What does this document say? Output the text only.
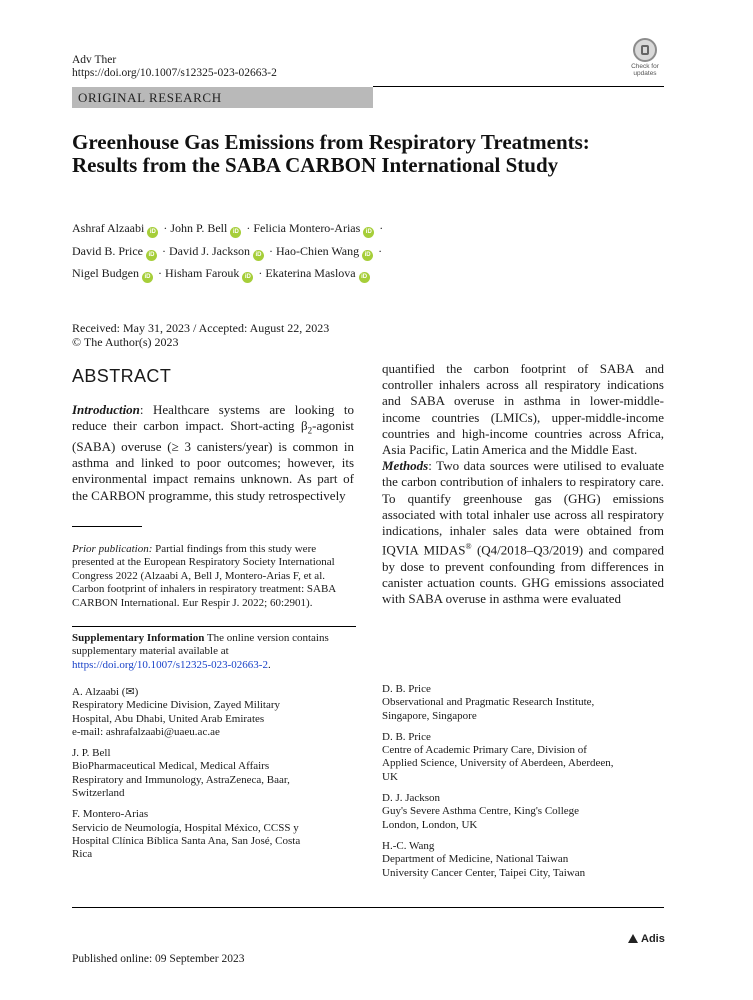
Adv Ther
https://doi.org/10.1007/s12325-023-02663-2
Check for
updates
ORIGINAL RESEARCH
Greenhouse Gas Emissions from Respiratory Treatments: Results from the SABA CARBON International Study
Ashraf Alzaabi iD · John P. Bell iD · Felicia Montero-Arias iD ·
David B. Price iD · David J. Jackson iD · Hao-Chien Wang iD ·
Nigel Budgen iD · Hisham Farouk iD · Ekaterina Maslova iD
Received: May 31, 2023 / Accepted: August 22, 2023
© The Author(s) 2023
ABSTRACT

Introduction: Healthcare systems are looking to reduce their carbon impact. Short-acting $\beta_2$-agonist (SABA) overuse (≥ 3 canisters/year) is common in asthma and linked to poor outcomes; however, its environmental impact remains unknown. As part of the CARBON programme, this study retrospectively

Prior publication: Partial findings from this study were presented at the European Respiratory Society International Congress 2022 (Alzaabi A, Bell J, Montero-Arias F, et al. Carbon footprint of inhalers in respiratory treatment: SABA CARBON International. Eur Respir J. 2022; 60:2901).
Supplementary Information The online version contains supplementary material available at https://doi.org/10.1007/s12325-023-02663-2.

quantified the carbon footprint of SABA and controller inhalers across all respiratory indications and SABA overuse in asthma in lower-middle-income countries (LMICs), upper-middle-income countries and high-income countries across Africa, Asia Pacific, Latin America and the Middle East.

Methods: Two data sources were utilised to evaluate the carbon contribution of inhalers to respiratory care. To quantify greenhouse gas (GHG) emissions associated with total inhaler use across all respiratory indications, inhaler sales data were obtained from IQVIA MIDAS® (Q4/2018–Q3/2019) and compared by dose to prevent confounding from differences in canister actuation counts. GHG emissions associated with SABA overuse in asthma were evaluated

A. Alzaabi (✉)
Respiratory Medicine Division, Zayed Military
Hospital, Abu Dhabi, United Arab Emirates
e-mail: ashrafalzaabi@uaeu.ac.ae
J. P. Bell
BioPharmaceutical Medical, Medical Affairs
Respiratory and Immunology, AstraZeneca, Baar,
Switzerland
F. Montero-Arias
Servicio de Neumología, Hospital México, CCSS y
Hospital Clínica Bíblica Santa Ana, San José, Costa
Rica
D. B. Price
Observational and Pragmatic Research Institute,
Singapore, Singapore
D. B. Price
Centre of Academic Primary Care, Division of
Applied Science, University of Aberdeen, Aberdeen,
UK
D. J. Jackson
Guy's Severe Asthma Centre, King's College
London, London, UK
H.-C. Wang
Department of Medicine, National Taiwan
University Cancer Center, Taipei City, Taiwan
Adis
Published online: 09 September 2023
